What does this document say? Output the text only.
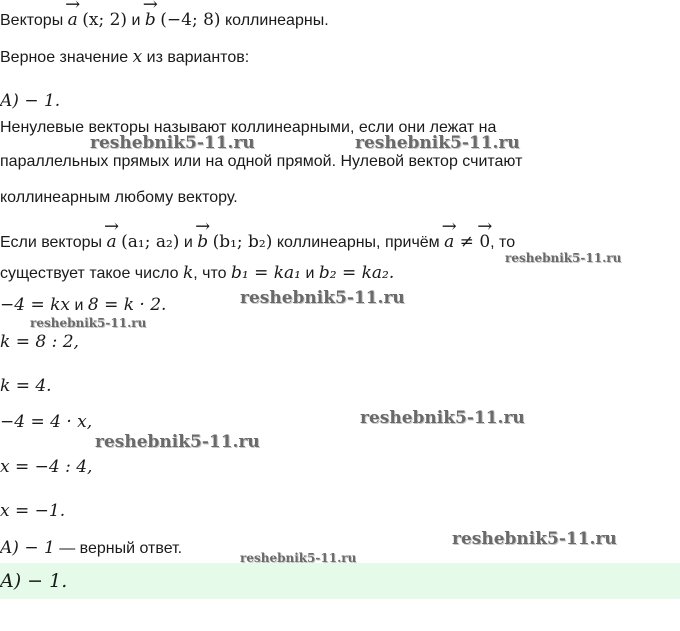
Векторы → a (x; 2) и → b (−4; 8) коллинеарны.
Верное значение x из вариантов:
A) − 1.
Ненулевые векторы называют коллинеарными, если они лежат на
параллельных прямых или на одной прямой. Нулевой вектор считают
коллинеарным любому вектору.
Если векторы → a (a₁; a₂) и → b (b₁; b₂) коллинеарны, причём → a ≠ → 0, то
существует такое число k, что b₁ = ka₁ и b₂ = ka₂.
−4 = kx и 8 = k · 2.
k = 8 : 2,
k = 4.
−4 = 4 · x,
x = −4 : 4,
x = −1.
A) − 1 — верный ответ.
A) − 1.
reshebnik5-11.ru	reshebnik5-11.ru
reshebnik5-11.ru
reshebnik5-11.ru
reshebnik5-11.ru
reshebnik5-11.ru
reshebnik5-11.ru
reshebnik5-11.ru
reshebnik5-11.ru
